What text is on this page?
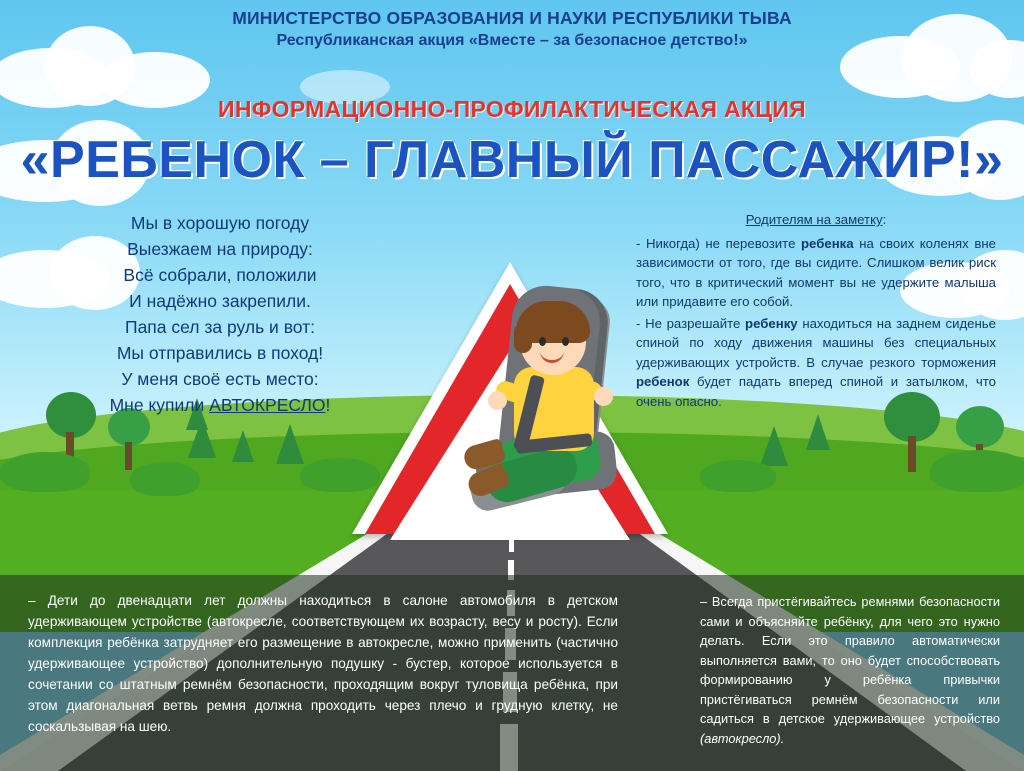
МИНИСТЕРСТВО ОБРАЗОВАНИЯ И НАУКИ РЕСПУБЛИКИ ТЫВА
Республиканская акция «Вместе – за безопасное детство!»
ИНФОРМАЦИОННО-ПРОФИЛАКТИЧЕСКАЯ АКЦИЯ
«РЕБЕНОК – ГЛАВНЫЙ ПАССАЖИР!»
Мы в хорошую погоду
Выезжаем на природу:
Всё собрали, положили
И надёжно закрепили.
Папа сел за руль и вот:
Мы отправились в поход!
У меня своё есть место:
Мне купили АВТОКРЕСЛО!
Родителям на заметку:

- Никогда) не перевозите ребенка на своих коленях вне зависимости от того, где вы сидите. Слишком велик риск того, что в критический момент вы не удержите малыша или придавите его собой.

- Не разрешайте ребенку находиться на заднем сиденье спиной по ходу движения машины без специальных удерживающих устройств. В случае резкого торможения ребенок будет падать вперед спиной и затылком, что очень опасно.

– Дети до двенадцати лет должны находиться в салоне автомобиля в детском удерживающем устройстве (автокресле, соответствующем их возрасту, весу и росту). Если комплекция ребёнка затрудняет его размещение в автокресле, можно применить (частично удерживающее устройство) дополнительную подушку - бустер, которое используется в сочетании со штатным ремнём безопасности, проходящим вокруг туловища ребёнка, при этом диагональная ветвь ремня должна проходить через плечо и грудную клетку, не соскальзывая на шею.
– Всегда пристёгивайтесь ремнями безопасности сами и объясняйте ребёнку, для чего это нужно делать. Если это правило автоматически выполняется вами, то оно будет способствовать формированию у ребёнка привычки пристёгиваться ремнём безопасности или садиться в детское удерживающее устройство (автокресло).
